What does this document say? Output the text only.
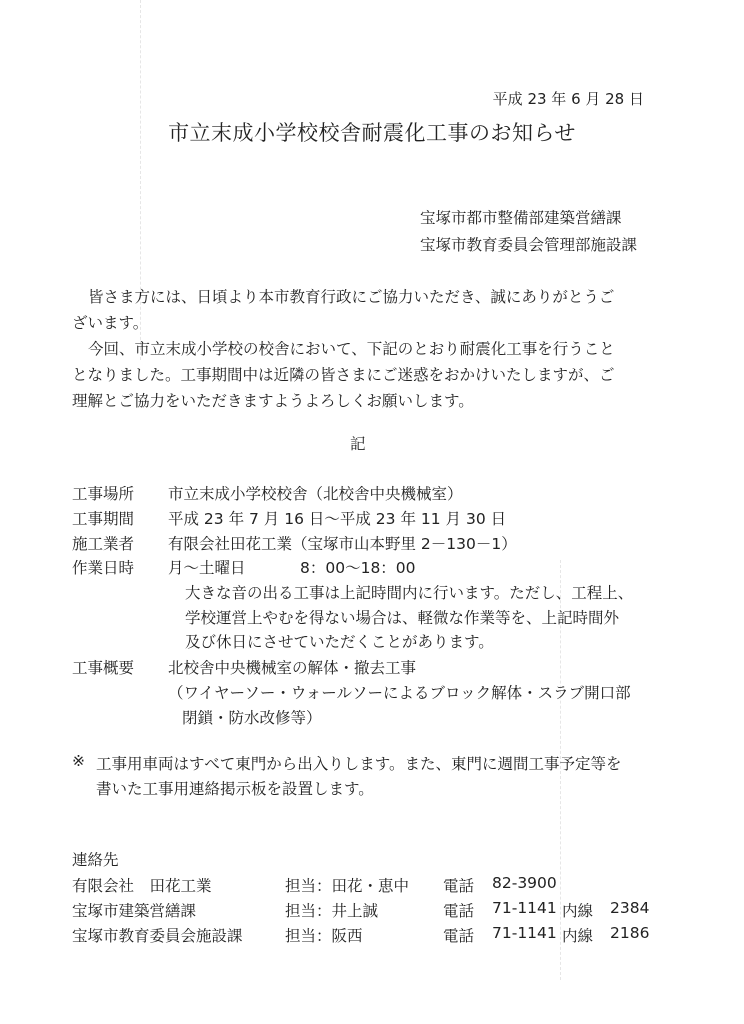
平成 23 年 6 月 28 日
市立末成小学校校舎耐震化工事のお知らせ
宝塚市都市整備部建築営繕課
宝塚市教育委員会管理部施設課
皆さま方には、日頃より本市教育行政にご協力いただき、誠にありがとうご
ざいます。
今回、市立末成小学校の校舎において、下記のとおり耐震化工事を行うこと
となりました。工事期間中は近隣の皆さまにご迷惑をおかけいたしますが、ご
理解とご協力をいただきますようよろしくお願いします。
記
工事場所 市立末成小学校校舎（北校舎中央機械室）
工事期間 平成 23 年 7 月 16 日～平成 23 年 11 月 30 日
施工業者 有限会社田花工業（宝塚市山本野里 2－130－1）
作業日時 月～土曜日	8：00～18：00
大きな音の出る工事は上記時間内に行います。ただし、工程上、
学校運営上やむを得ない場合は、軽微な作業等を、上記時間外
及び休日にさせていただくことがあります。
工事概要 北校舎中央機械室の解体・撤去工事
（ワイヤーソー・ウォールソーによるブロック解体・スラブ開口部
閉鎖・防水改修等）
※ 工事用車両はすべて東門から出入りします。また、東門に週間工事予定等を
書いた工事用連絡掲示板を設置します。
連絡先
有限会社　田花工業	担当：田花・恵中 電話 82-3900
宝塚市建築営繕課	担当：井上誠	電話 71-1141 内線 2384
宝塚市教育委員会施設課	担当：阪西	電話 71-1141 内線 2186
